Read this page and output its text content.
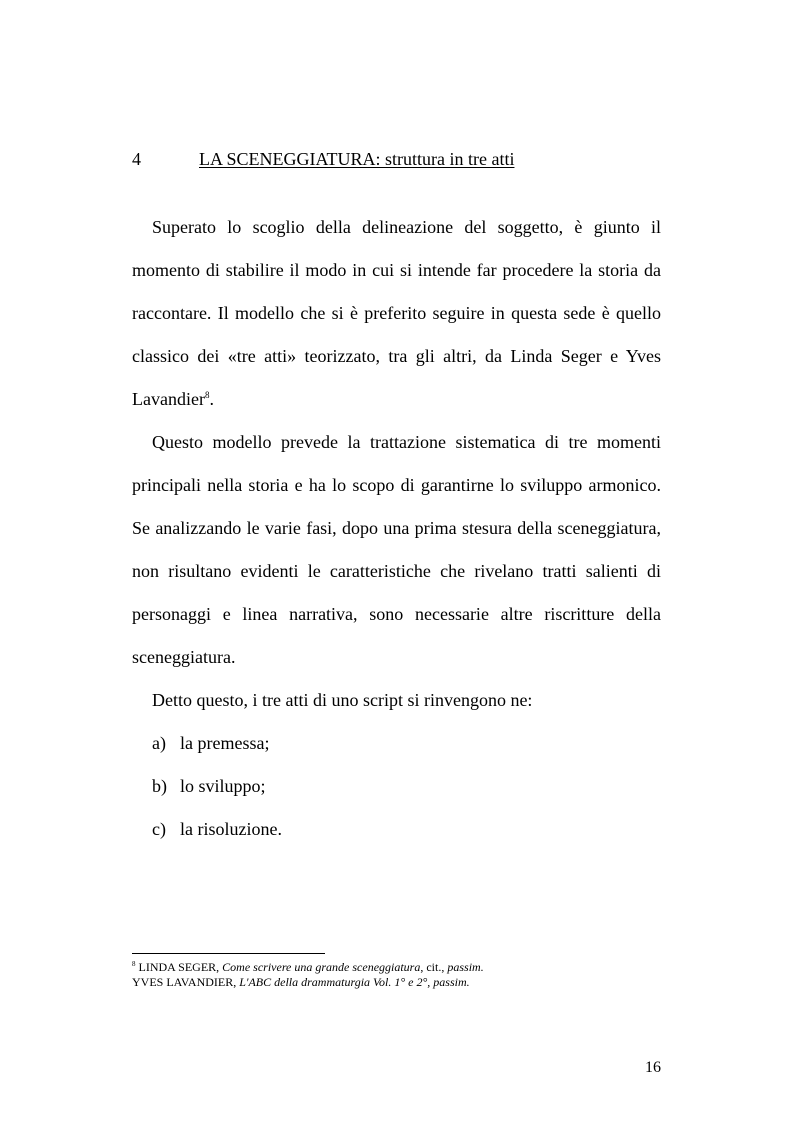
4	LA SCENEGGIATURA: struttura in tre atti

Superato lo scoglio della delineazione del soggetto, è giunto il momento di stabilire il modo in cui si intende far procedere la storia da raccontare. Il modello che si è preferito seguire in questa sede è quello classico dei «tre atti» teorizzato, tra gli altri, da Linda Seger e Yves Lavandier$^8$.

Questo modello prevede la trattazione sistematica di tre momenti principali nella storia e ha lo scopo di garantirne lo sviluppo armonico. Se analizzando le varie fasi, dopo una prima stesura della sceneggiatura, non risultano evidenti le caratteristiche che rivelano tratti salienti di personaggi e linea narrativa, sono necessarie altre riscritture della sceneggiatura.

Detto questo, i tre atti di uno script si rinvengono ne:

a) la premessa;
b) lo sviluppo;
c) la risoluzione.
$^8$ LINDA SEGER, Come scrivere una grande sceneggiatura, cit., passim.
YVES LAVANDIER, L'ABC della drammaturgia Vol. 1° e 2°, passim.
16
